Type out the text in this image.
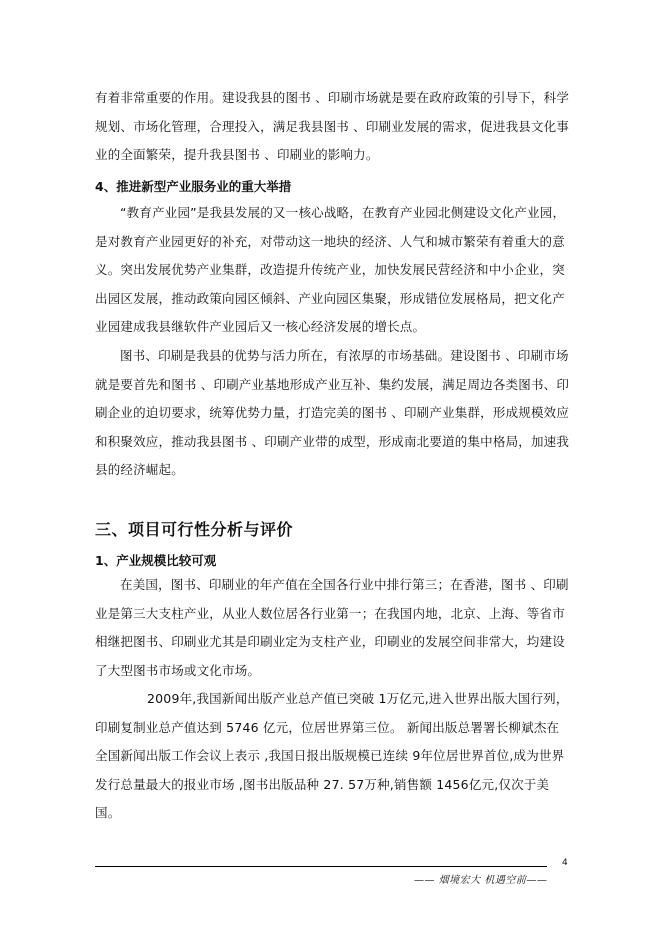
有着非常重要的作用。建设我县的图书 、印刷市场就是要在政府政策的引导下，科学规划、市场化管理，合理投入，满足我县图书 、印刷业发展的需求，促进我县文化事业的全面繁荣，提升我县图书 、印刷业的影响力。

4、推进新型产业服务业的重大举措

“教育产业园”是我县发展的又一核心战略，在教育产业园北侧建设文化产业园，是对教育产业园更好的补充，对带动这一地块的经济、人气和城市繁荣有着重大的意义。突出发展优势产业集群，改造提升传统产业，加快发展民营经济和中小企业，突出园区发展，推动政策向园区倾斜、产业向园区集聚，形成错位发展格局，把文化产业园建成我县继软件产业园后又一核心经济发展的增长点。

图书、印刷是我县的优势与活力所在，有浓厚的市场基础。建设图书 、印刷市场就是要首先和图书 、印刷产业基地形成产业互补、集约发展，满足周边各类图书、印刷企业的迫切要求，统筹优势力量，打造完美的图书 、印刷产业集群，形成规模效应和积聚效应，推动我县图书 、印刷产业带的成型，形成南北要道的集中格局，加速我县的经济崛起。

三、项目可行性分析与评价
1、产业规模比较可观

在美国，图书、印刷业的年产值在全国各行业中排行第三；在香港，图书 、印刷业是第三大支柱产业，从业人数位居各行业第一；在我国内地，北京、上海、等省市相继把图书、印刷业尤其是印刷业定为支柱产业，印刷业的发展空间非常大，均建设了大型图书市场或文化市场。

2009年,我国新闻出版产业总产值已突破 1万亿元,进入世界出版大国行列，印刷复制业总产值达到 5746 亿元，位居世界第三位。 新闻出版总署署长柳斌杰在全国新闻出版工作会议上表示 ,我国日报出版规模已连续 9年位居世界首位,成为世界发行总量最大的报业市场 ,图书出版品种 27. 57万种,销售额 1456亿元,仅次于美国。

4
—— 烟境宏大 机遇空前——
